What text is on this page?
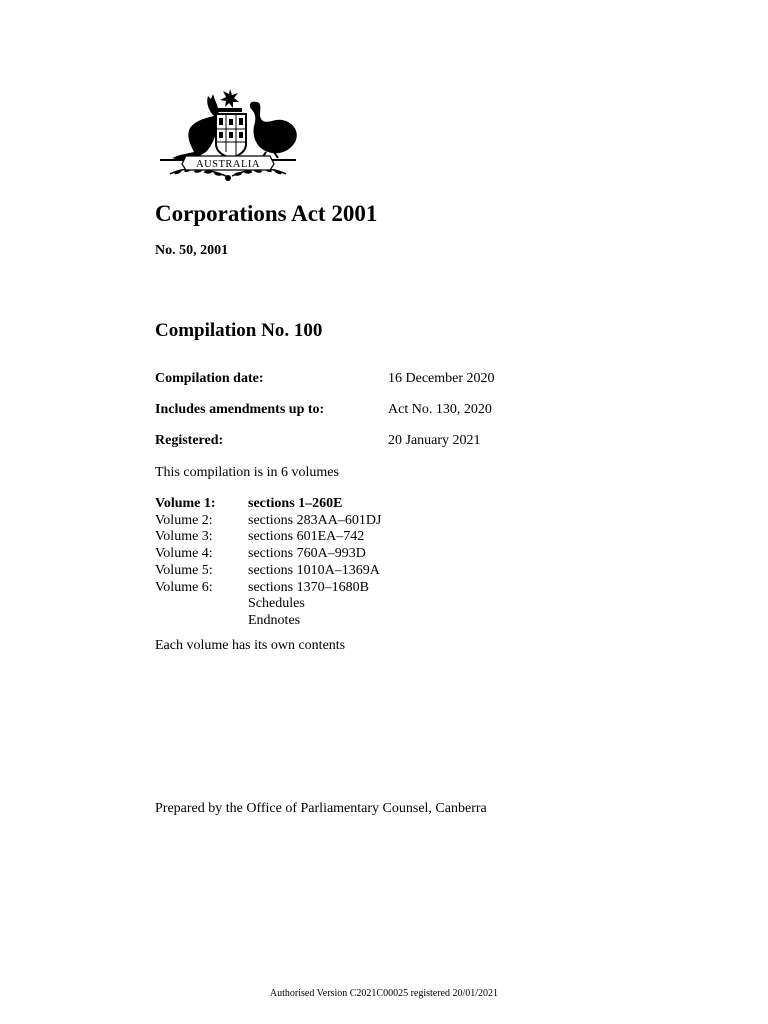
AUSTRALIA
Corporations Act 2001
No. 50, 2001
Compilation No. 100
Compilation date:	16 December 2020
Includes amendments up to:	Act No. 130, 2020
Registered:	20 January 2021
This compilation is in 6 volumes
Volume 1: sections 1–260E
Volume 2:	sections 283AA–601DJ
Volume 3:	sections 601EA–742
Volume 4:	sections 760A–993D
Volume 5:	sections 1010A–1369A
Volume 6:	sections 1370–1680B
Schedules
Endnotes
Each volume has its own contents
Prepared by the Office of Parliamentary Counsel, Canberra
Authorised Version C2021C00025 registered 20/01/2021
